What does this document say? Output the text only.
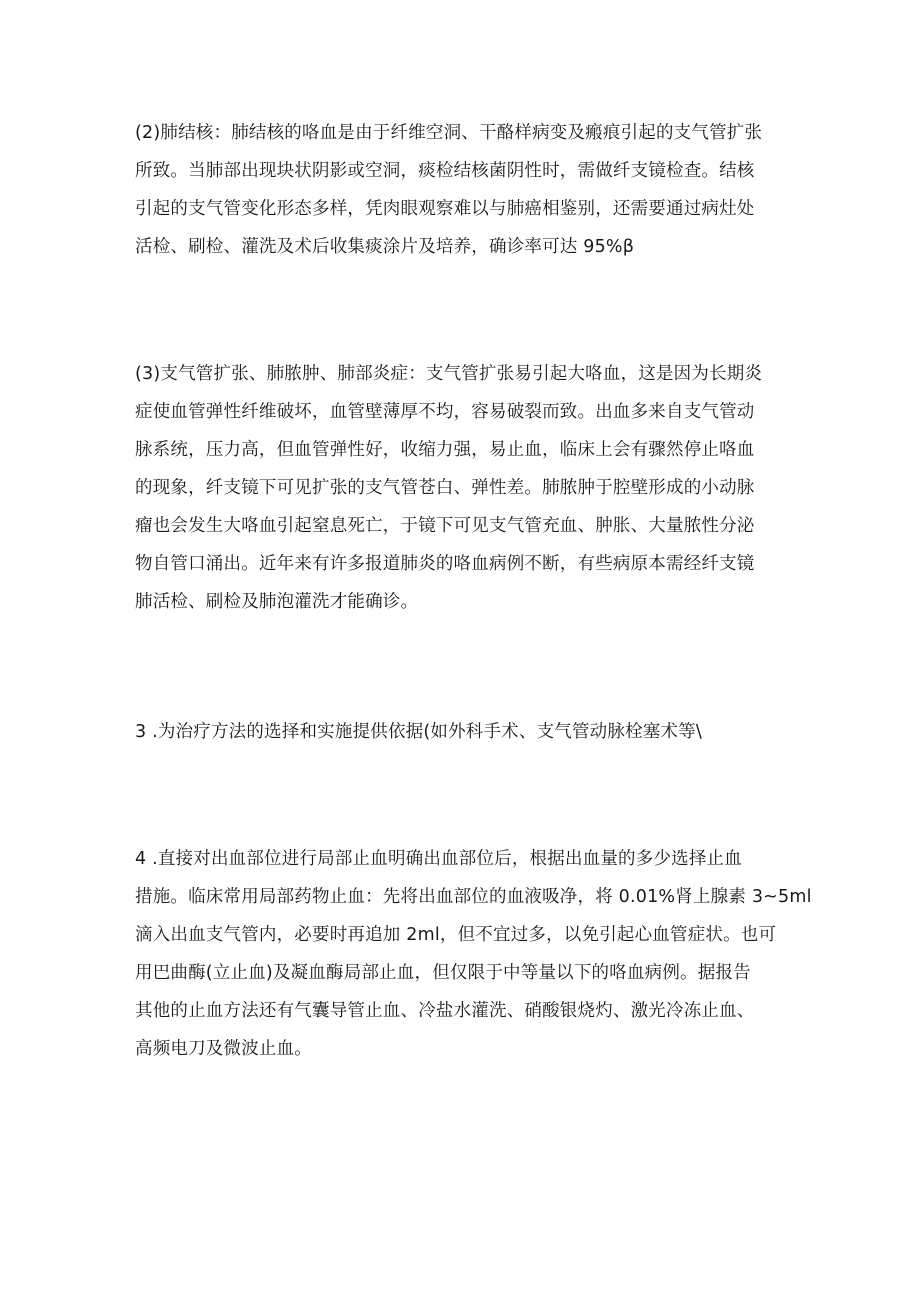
(2)肺结核：肺结核的咯血是由于纤维空洞、干酪样病变及瘢痕引起的支气管扩张
所致。当肺部出现块状阴影或空洞，痰检结核菌阴性时，需做纤支镜检查。结核
引起的支气管变化形态多样，凭肉眼观察难以与肺癌相鉴别，还需要通过病灶处
活检、刷检、灌洗及术后收集痰涂片及培养，确诊率可达 95%β
(3)支气管扩张、肺脓肿、肺部炎症：支气管扩张易引起大咯血，这是因为长期炎
症使血管弹性纤维破坏，血管壁薄厚不均，容易破裂而致。出血多来自支气管动
脉系统，压力高，但血管弹性好，收缩力强，易止血，临床上会有骤然停止咯血
的现象，纤支镜下可见扩张的支气管苍白、弹性差。肺脓肿于腔壁形成的小动脉
瘤也会发生大咯血引起窒息死亡，于镜下可见支气管充血、肿胀、大量脓性分泌
物自管口涌出。近年来有许多报道肺炎的咯血病例不断，有些病原本需经纤支镜
肺活检、刷检及肺泡灌洗才能确诊。
3 .为治疗方法的选择和实施提供依据(如外科手术、支气管动脉栓塞术等\
4 .直接对出血部位进行局部止血明确出血部位后，根据出血量的多少选择止血
措施。临床常用局部药物止血：先将出血部位的血液吸净，将 0.01%肾上腺素 3~5ml
滴入出血支气管内，必要时再追加 2ml，但不宜过多，以免引起心血管症状。也可
用巴曲酶(立止血)及凝血酶局部止血，但仅限于中等量以下的咯血病例。据报告
其他的止血方法还有气囊导管止血、冷盐水灌洗、硝酸银烧灼、激光冷冻止血、
高频电刀及微波止血。
